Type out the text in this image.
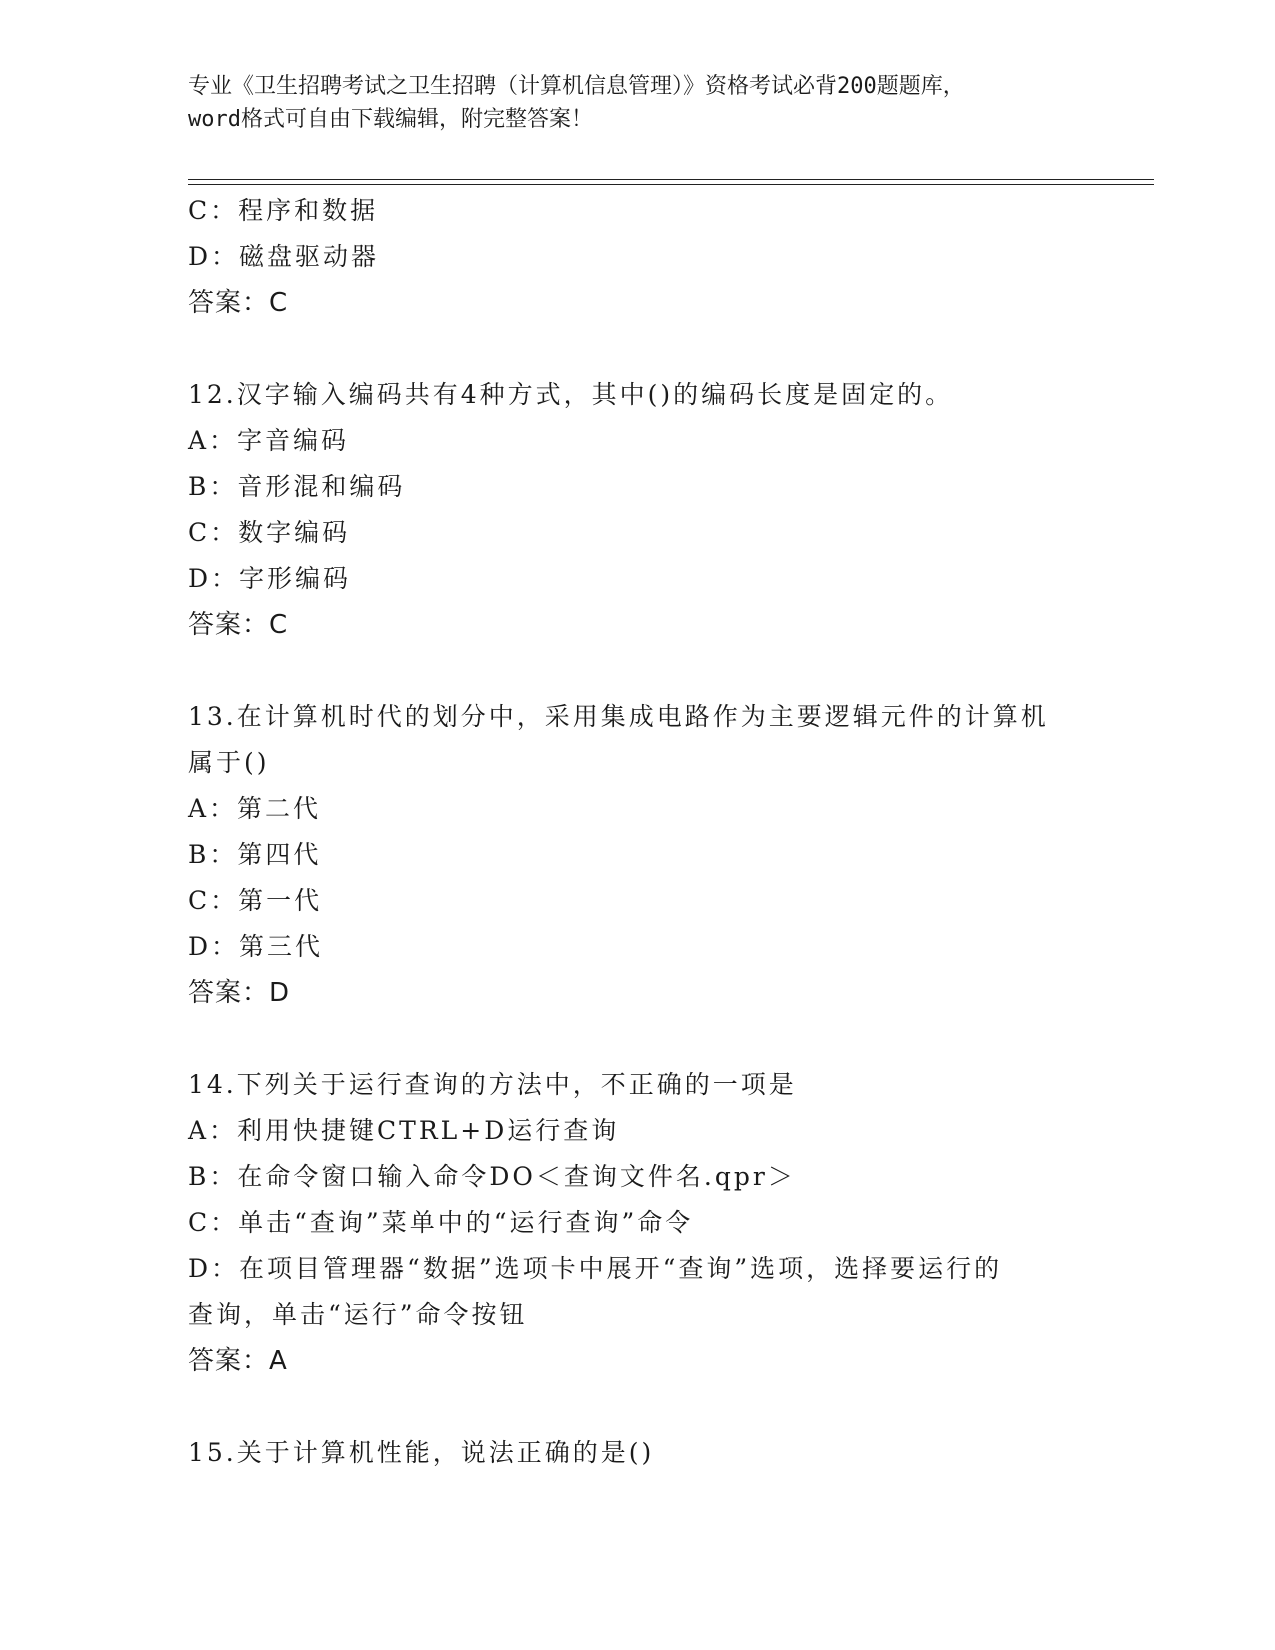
专业《卫生招聘考试之卫生招聘（计算机信息管理）》资格考试必背200题题库，
word格式可自由下载编辑，附完整答案！
C：程序和数据
D：磁盘驱动器
答案：C
12.汉字输入编码共有4种方式，其中()的编码长度是固定的。
A：字音编码
B：音形混和编码
C：数字编码
D：字形编码
答案：C
13.在计算机时代的划分中，采用集成电路作为主要逻辑元件的计算机
属于()
A：第二代
B：第四代
C：第一代
D：第三代
答案：D
14.下列关于运行查询的方法中，不正确的一项是
A：利用快捷键CTRL+D运行查询
B：在命令窗口输入命令DO＜查询文件名.qpr＞
C：单击“查询”菜单中的“运行查询”命令
D：在项目管理器“数据”选项卡中展开“查询”选项，选择要运行的
查询，单击“运行”命令按钮
答案：A
15.关于计算机性能，说法正确的是()
